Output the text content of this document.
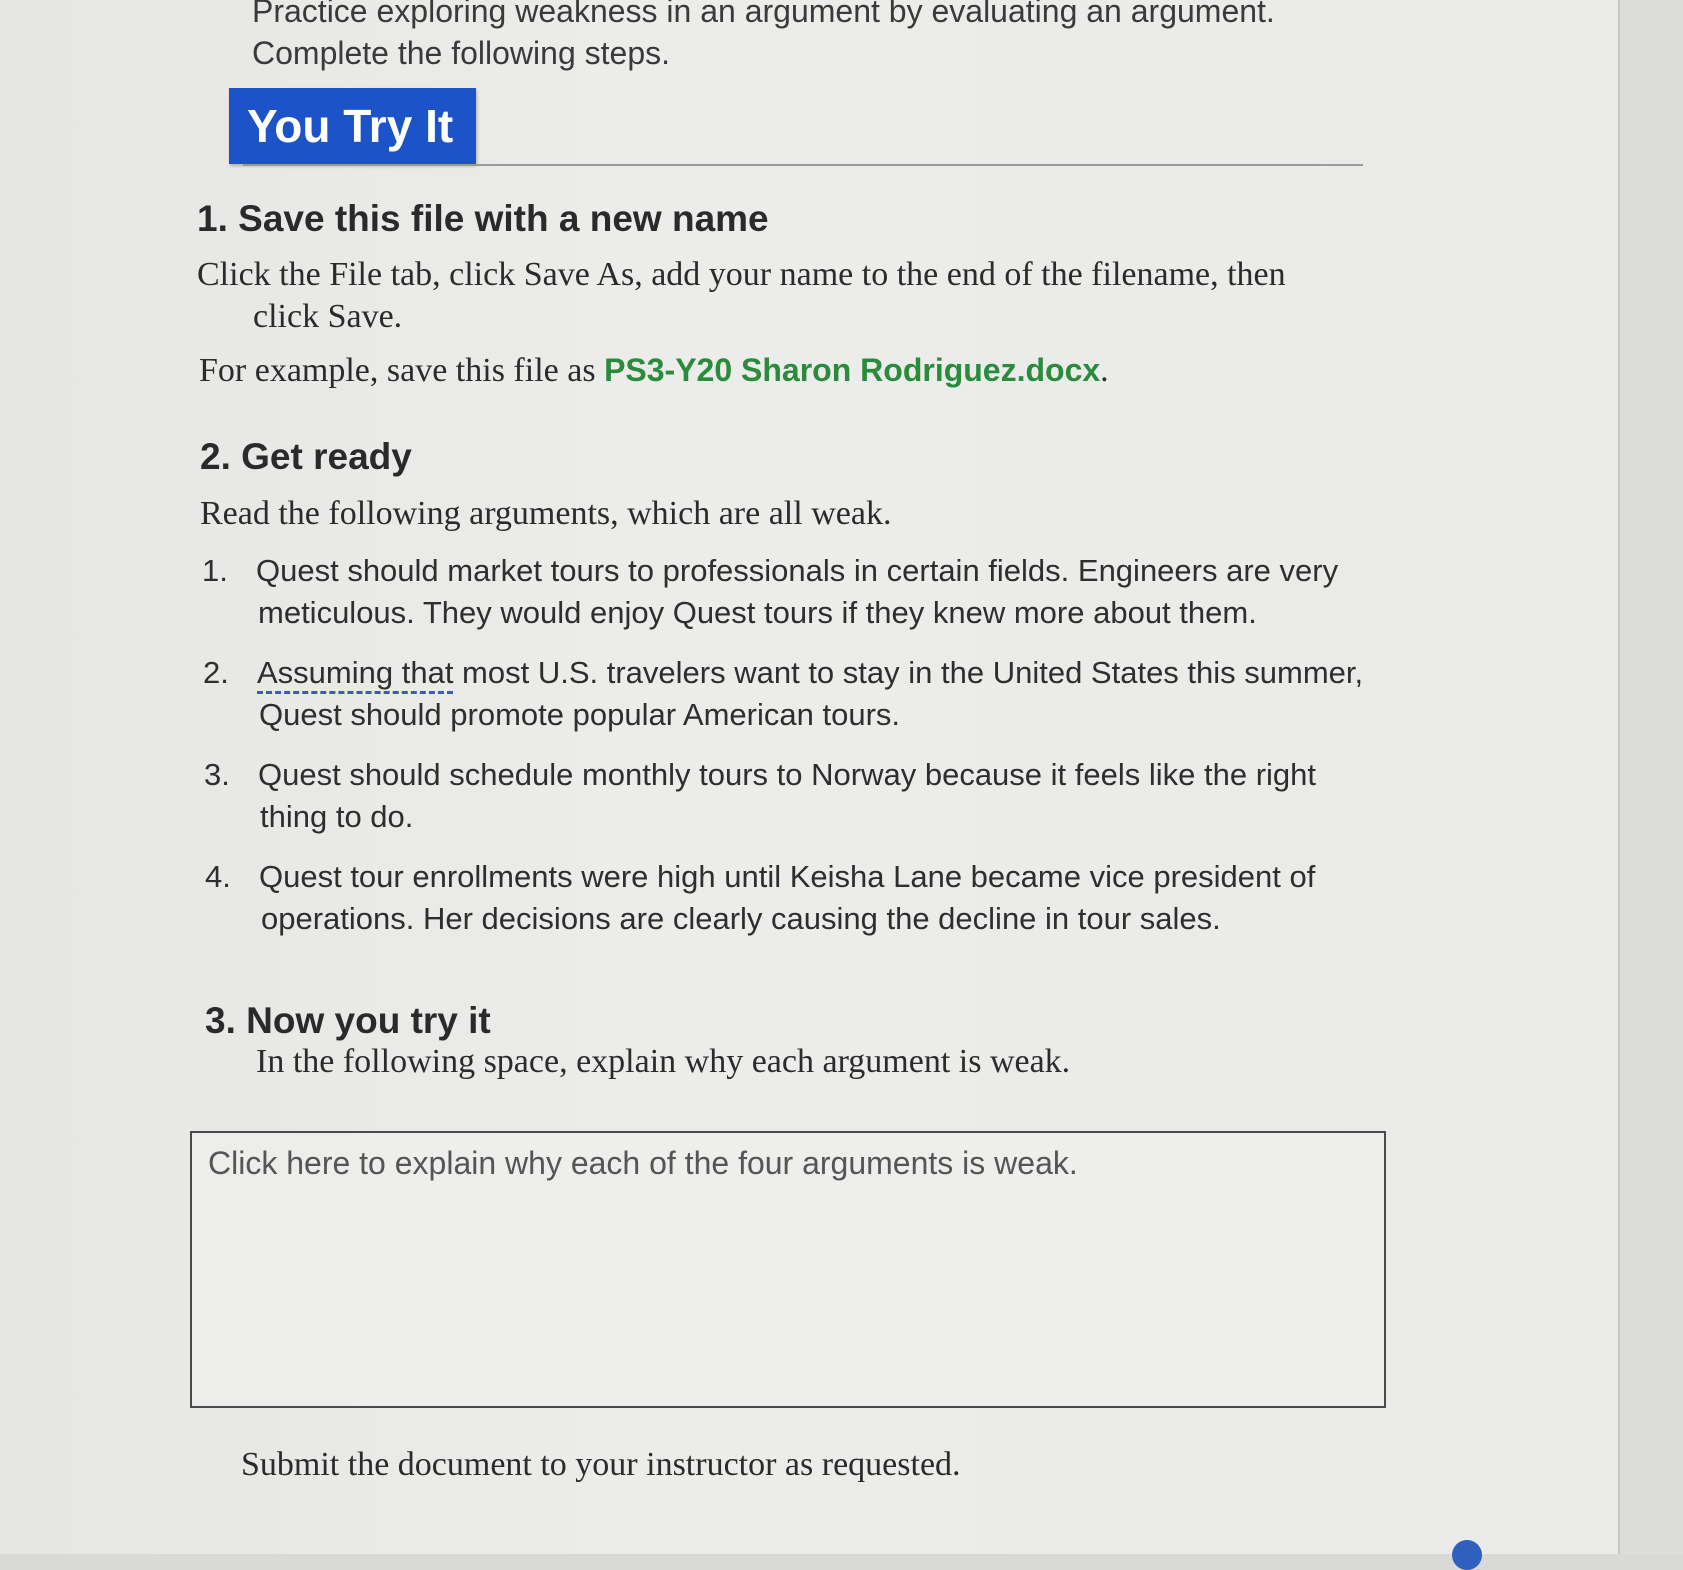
Practice exploring weakness in an argument by evaluating an argument.
Complete the following steps.
You Try It
1. Save this file with a new name
Click the File tab, click Save As, add your name to the end of the filename, then
click Save.
For example, save this file as PS3-Y20 Sharon Rodriguez.docx.
2. Get ready
Read the following arguments, which are all weak.
1. Quest should market tours to professionals in certain fields. Engineers are very
meticulous. They would enjoy Quest tours if they knew more about them.
2. Assuming that most U.S. travelers want to stay in the United States this summer,
Quest should promote popular American tours.
3. Quest should schedule monthly tours to Norway because it feels like the right
thing to do.
4. Quest tour enrollments were high until Keisha Lane became vice president of
operations. Her decisions are clearly causing the decline in tour sales.
3. Now you try it
In the following space, explain why each argument is weak.
Click here to explain why each of the four arguments is weak.
Submit the document to your instructor as requested.
